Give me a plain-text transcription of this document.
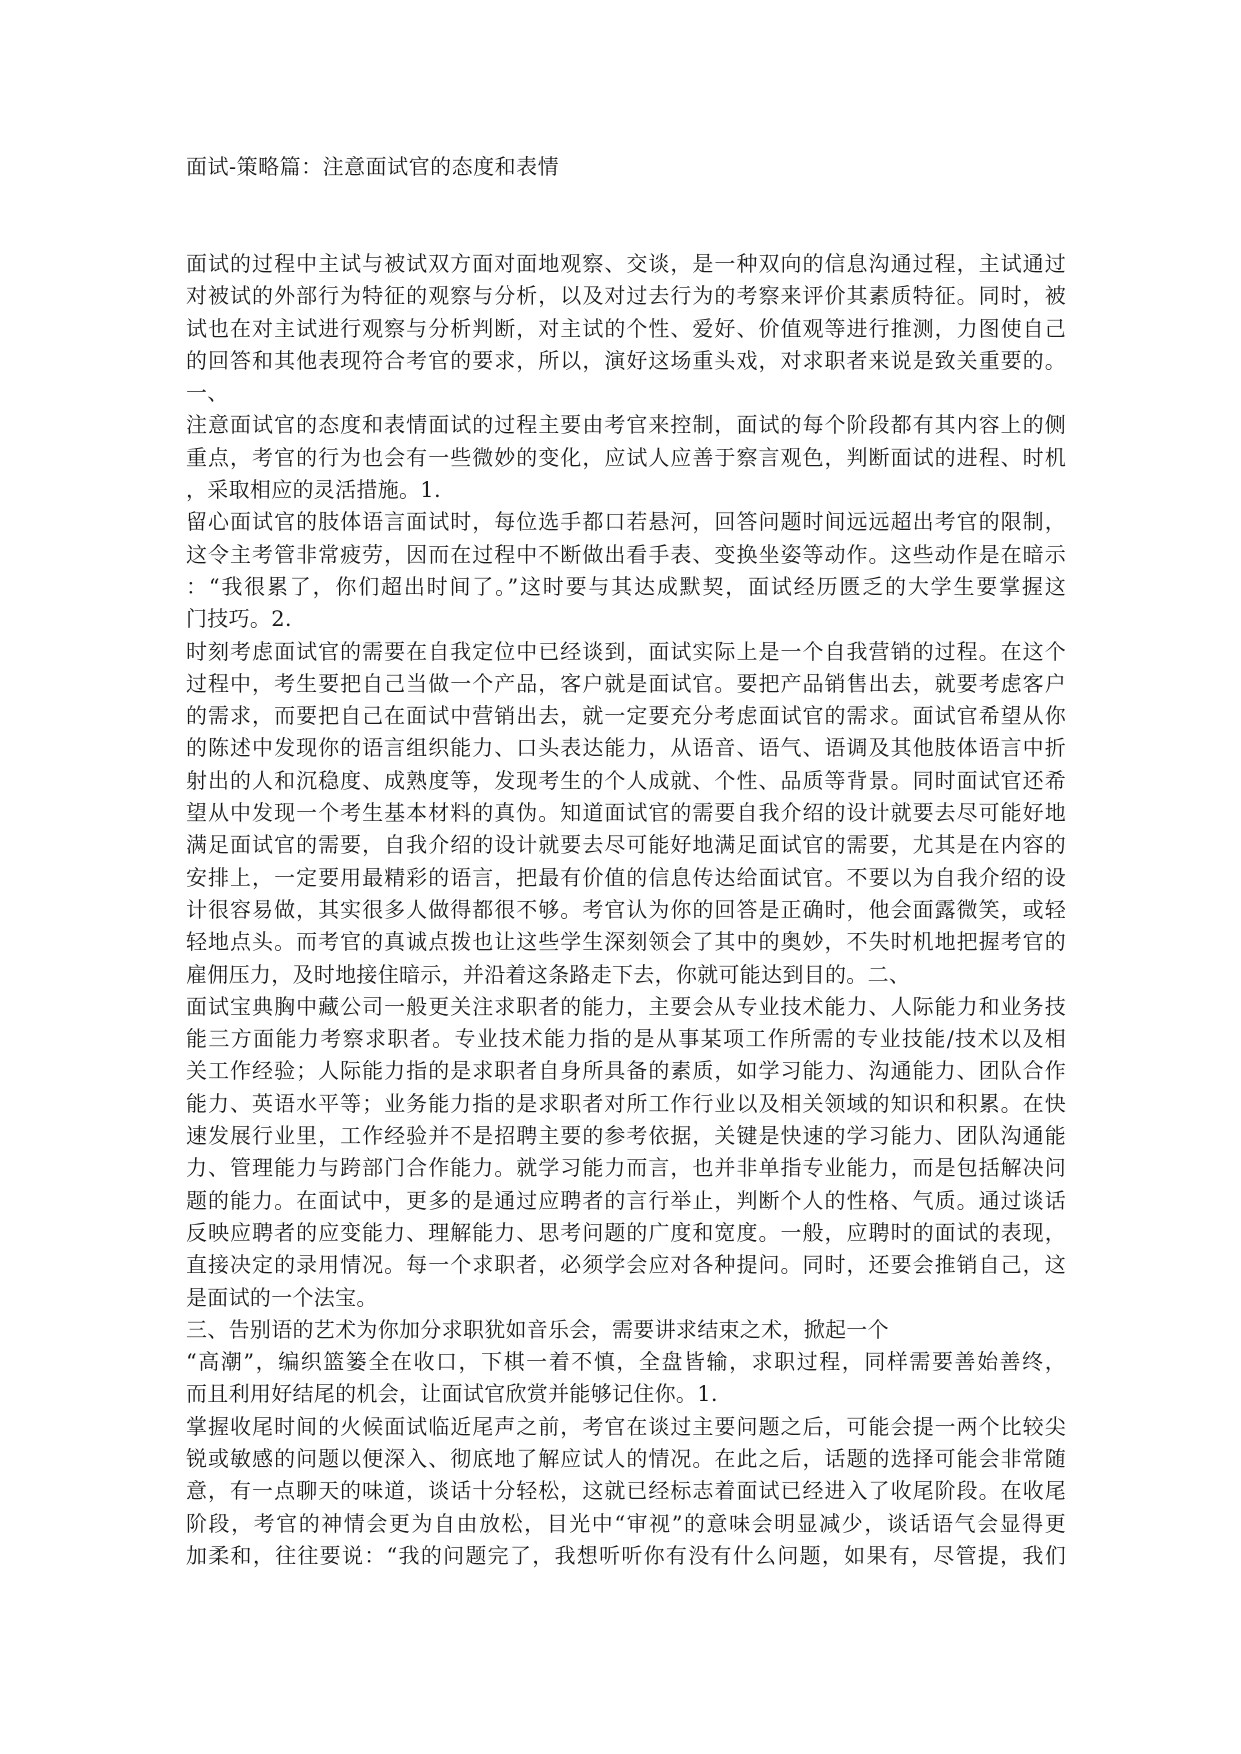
面试-策略篇：注意面试官的态度和表情
面试的过程中主试与被试双方面对面地观察、交谈，是一种双向的信息沟通过程，主试通过
对被试的外部行为特征的观察与分析，以及对过去行为的考察来评价其素质特征。同时，被
试也在对主试进行观察与分析判断，对主试的个性、爱好、价值观等进行推测，力图使自己
的回答和其他表现符合考官的要求，所以，演好这场重头戏，对求职者来说是致关重要的。
一、
注意面试官的态度和表情面试的过程主要由考官来控制，面试的每个阶段都有其内容上的侧
重点，考官的行为也会有一些微妙的变化，应试人应善于察言观色，判断面试的进程、时机
，采取相应的灵活措施。1.
留心面试官的肢体语言面试时，每位选手都口若悬河，回答问题时间远远超出考官的限制，
这令主考管非常疲劳，因而在过程中不断做出看手表、变换坐姿等动作。这些动作是在暗示
：“我很累了，你们超出时间了。”这时要与其达成默契，面试经历匮乏的大学生要掌握这
门技巧。2.
时刻考虑面试官的需要在自我定位中已经谈到，面试实际上是一个自我营销的过程。在这个
过程中，考生要把自己当做一个产品，客户就是面试官。要把产品销售出去，就要考虑客户
的需求，而要把自己在面试中营销出去，就一定要充分考虑面试官的需求。面试官希望从你
的陈述中发现你的语言组织能力、口头表达能力，从语音、语气、语调及其他肢体语言中折
射出的人和沉稳度、成熟度等，发现考生的个人成就、个性、品质等背景。同时面试官还希
望从中发现一个考生基本材料的真伪。知道面试官的需要自我介绍的设计就要去尽可能好地
满足面试官的需要，自我介绍的设计就要去尽可能好地满足面试官的需要，尤其是在内容的
安排上，一定要用最精彩的语言，把最有价值的信息传达给面试官。不要以为自我介绍的设
计很容易做，其实很多人做得都很不够。考官认为你的回答是正确时，他会面露微笑，或轻
轻地点头。而考官的真诚点拨也让这些学生深刻领会了其中的奥妙，不失时机地把握考官的
雇佣压力，及时地接住暗示，并沿着这条路走下去，你就可能达到目的。二、
面试宝典胸中藏公司一般更关注求职者的能力，主要会从专业技术能力、人际能力和业务技
能三方面能力考察求职者。专业技术能力指的是从事某项工作所需的专业技能/技术以及相
关工作经验；人际能力指的是求职者自身所具备的素质，如学习能力、沟通能力、团队合作
能力、英语水平等；业务能力指的是求职者对所工作行业以及相关领域的知识和积累。在快
速发展行业里，工作经验并不是招聘主要的参考依据，关键是快速的学习能力、团队沟通能
力、管理能力与跨部门合作能力。就学习能力而言，也并非单指专业能力，而是包括解决问
题的能力。在面试中，更多的是通过应聘者的言行举止，判断个人的性格、气质。通过谈话
反映应聘者的应变能力、理解能力、思考问题的广度和宽度。一般，应聘时的面试的表现，
直接决定的录用情况。每一个求职者，必须学会应对各种提问。同时，还要会推销自己，这
是面试的一个法宝。
三、告别语的艺术为你加分求职犹如音乐会，需要讲求结束之术，掀起一个
“高潮”，编织篮篓全在收口，下棋一着不慎，全盘皆输，求职过程，同样需要善始善终，
而且利用好结尾的机会，让面试官欣赏并能够记住你。1.
掌握收尾时间的火候面试临近尾声之前，考官在谈过主要问题之后，可能会提一两个比较尖
锐或敏感的问题以便深入、彻底地了解应试人的情况。在此之后，话题的选择可能会非常随
意，有一点聊天的味道，谈话十分轻松，这就已经标志着面试已经进入了收尾阶段。在收尾
阶段，考官的神情会更为自由放松，目光中“审视”的意味会明显减少，谈话语气会显得更
加柔和，往往要说：“我的问题完了，我想听听你有没有什么问题，如果有，尽管提，我们
